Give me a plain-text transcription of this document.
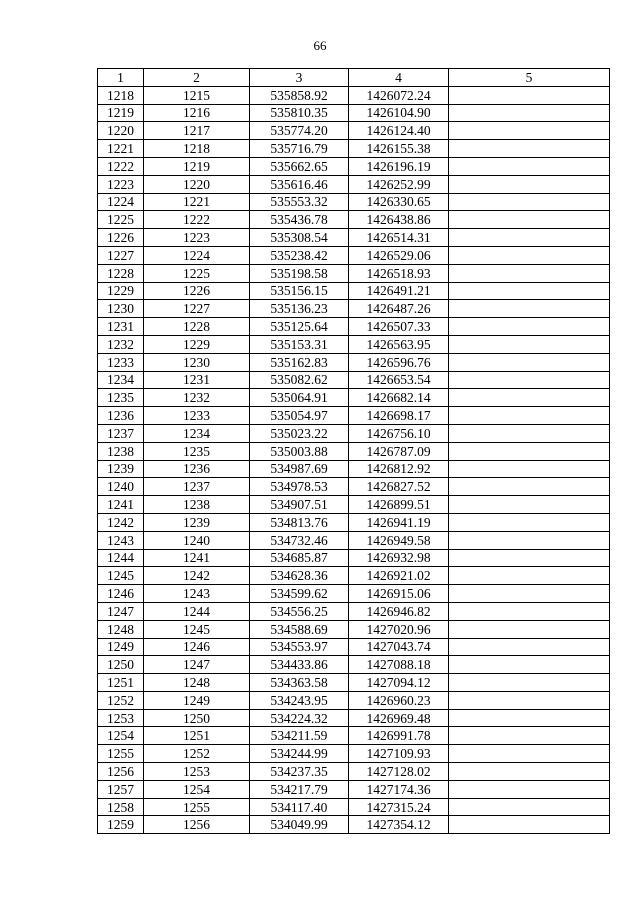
66
1	2	3	4	5
1218	1215	535858.92	1426072.24	
1219	1216	535810.35	1426104.90	
1220	1217	535774.20	1426124.40	
1221	1218	535716.79	1426155.38	
1222	1219	535662.65	1426196.19	
1223	1220	535616.46	1426252.99	
1224	1221	535553.32	1426330.65	
1225	1222	535436.78	1426438.86	
1226	1223	535308.54	1426514.31	
1227	1224	535238.42	1426529.06	
1228	1225	535198.58	1426518.93	
1229	1226	535156.15	1426491.21	
1230	1227	535136.23	1426487.26	
1231	1228	535125.64	1426507.33	
1232	1229	535153.31	1426563.95	
1233	1230	535162.83	1426596.76	
1234	1231	535082.62	1426653.54	
1235	1232	535064.91	1426682.14	
1236	1233	535054.97	1426698.17	
1237	1234	535023.22	1426756.10	
1238	1235	535003.88	1426787.09	
1239	1236	534987.69	1426812.92	
1240	1237	534978.53	1426827.52	
1241	1238	534907.51	1426899.51	
1242	1239	534813.76	1426941.19	
1243	1240	534732.46	1426949.58	
1244	1241	534685.87	1426932.98	
1245	1242	534628.36	1426921.02	
1246	1243	534599.62	1426915.06	
1247	1244	534556.25	1426946.82	
1248	1245	534588.69	1427020.96	
1249	1246	534553.97	1427043.74	
1250	1247	534433.86	1427088.18	
1251	1248	534363.58	1427094.12	
1252	1249	534243.95	1426960.23	
1253	1250	534224.32	1426969.48	
1254	1251	534211.59	1426991.78	
1255	1252	534244.99	1427109.93	
1256	1253	534237.35	1427128.02	
1257	1254	534217.79	1427174.36	
1258	1255	534117.40	1427315.24	
1259	1256	534049.99	1427354.12	
